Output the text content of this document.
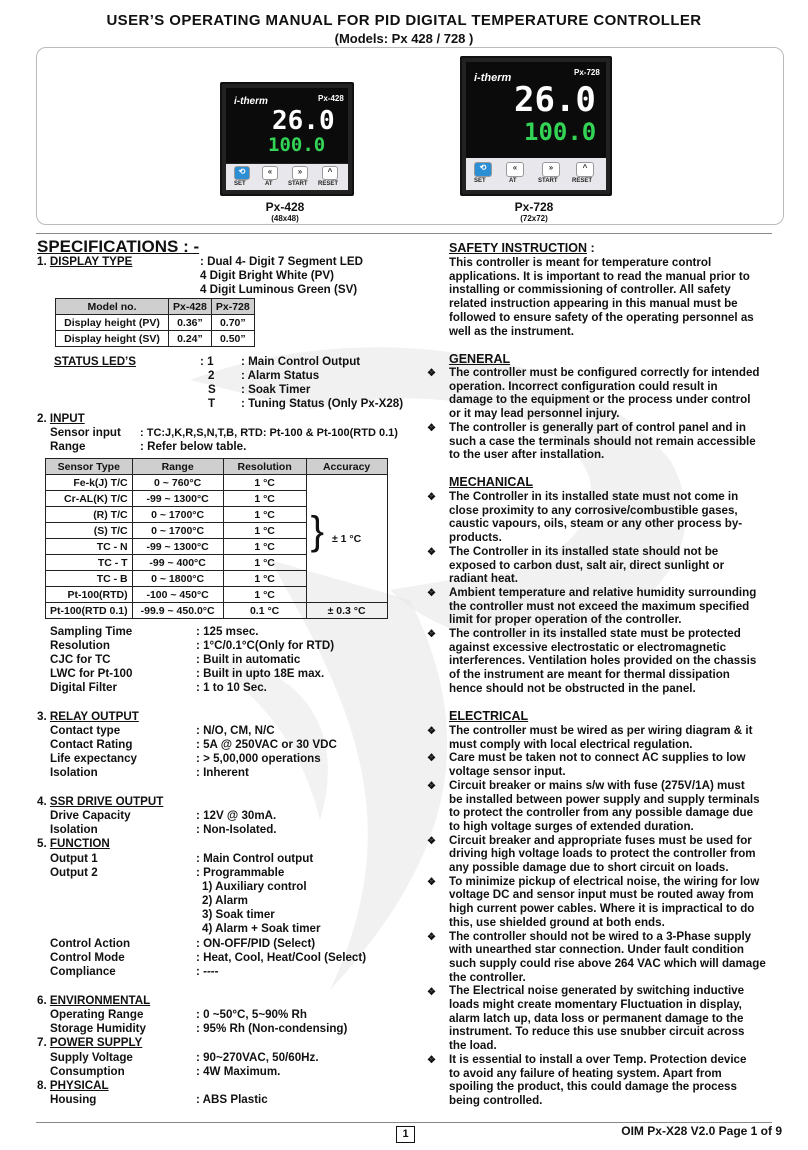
USER’S OPERATING MANUAL FOR PID DIGITAL TEMPERATURE CONTROLLER
(Models: Px 428 / 728 )
i-therm	Px-428
26.0
100.0
⟲	«	»	^
SET	AT	START RESET
Px-428
(48x48)
i-therm	Px-728
26.0
100.0
⟲	«	»	^
SET	AT	START RESET
Px-728
(72x72)
SPECIFICATIONS : -
1. DISPLAY TYPE	: Dual 4- Digit 7 Segment LED
4 Digit Bright White (PV)
4 Digit Luminous Green (SV)
Model no.	Px-428	Px-728
Display height (PV)	0.36”	0.70”
Display height (SV)	0.24”	0.50”
STATUS LED’S	: 1 : Main Control Output
2 : Alarm Status
S : Soak Timer
T : Tuning Status (Only Px-X28)
2. INPUT
Sensor input : TC:J,K,R,S,N,T,B, RTD: Pt-100 & Pt-100(RTD 0.1)
Range	: Refer below table.
Sensor Type	Range	Resolution	Accuracy
Fe-k(J) T/C	0 ~ 760°C	1 °C	} ± 1 °C
Cr-AL(K) T/C	-99 ~ 1300°C	1 °C	
(R) T/C	0 ~ 1700°C	1 °C	
(S) T/C	0 ~ 1700°C	1 °C	
TC - N	-99 ~ 1300°C	1 °C	
TC - T	-99 ~ 400°C	1 °C	
TC - B	0 ~ 1800°C	1 °C	
Pt-100(RTD)	-100 ~ 450°C	1 °C	
Pt-100(RTD 0.1)	-99.9 ~ 450.0°C	0.1 °C	± 0.3 °C
Sampling Time	: 125 msec.
Resolution	: 1°C/0.1°C(Only for RTD)
CJC for TC	: Built in automatic
LWC for Pt-100	: Built in upto 18E max.
Digital Filter	: 1 to 10 Sec.
3. RELAY OUTPUT
Contact type	: N/O, CM, N/C
Contact Rating	: 5A @ 250VAC or 30 VDC
Life expectancy	: > 5,00,000 operations
Isolation	: Inherent
4. SSR DRIVE OUTPUT
Drive Capacity	: 12V @ 30mA.
Isolation	: Non-Isolated.
5. FUNCTION
Output 1	: Main Control output
Output 2	: Programmable
1) Auxiliary control
2) Alarm
3) Soak timer
4) Alarm + Soak timer
Control Action	: ON-OFF/PID (Select)
Control Mode	: Heat, Cool, Heat/Cool (Select)
Compliance	: ----
6. ENVIRONMENTAL
Operating Range	: 0 ~50°C, 5~90% Rh
Storage Humidity	: 95% Rh (Non-condensing)
7. POWER SUPPLY
Supply Voltage	: 90~270VAC, 50/60Hz.
Consumption	: 4W Maximum.
8. PHYSICAL
Housing	: ABS Plastic
SAFETY INSTRUCTION :
This controller is meant for temperature control
applications. It is important to read the manual prior to
installing or commissioning of controller. All safety
related instruction appearing in this manual must be
followed to ensure safety of the operating personnel as
well as the instrument.
GENERAL
The controller must be configured correctly for intended
operation. Incorrect configuration could result in
damage to the equipment or the process under control
or it may lead personnel injury.
The controller is generally part of control panel and in
such a case the terminals should not remain accessible
to the user after installation.
❖
❖
MECHANICAL
The Controller in its installed state must not come in
close proximity to any corrosive/combustible gases,
caustic vapours, oils, steam or any other process by-
products.
The Controller in its installed state should not be
exposed to carbon dust, salt air, direct sunlight or
radiant heat.
Ambient temperature and relative humidity surrounding
the controller must not exceed the maximum specified
limit for proper operation of the controller.
The controller in its installed state must be protected
against excessive electrostatic or electromagnetic
interferences. Ventilation holes provided on the chassis
of the instrument are meant for thermal dissipation
hence should not be obstructed in the panel.
❖
❖
❖
❖
ELECTRICAL
The controller must be wired as per wiring diagram & it
must comply with local electrical regulation.
Care must be taken not to connect AC supplies to low
voltage sensor input.
Circuit breaker or mains s/w with fuse (275V/1A) must
be installed between power supply and supply terminals
to protect the controller from any possible damage due
to high voltage surges of extended duration.
Circuit breaker and appropriate fuses must be used for
driving high voltage loads to protect the controller from
any possible damage due to short circuit on loads.
To minimize pickup of electrical noise, the wiring for low
voltage DC and sensor input must be routed away from
high current power cables. Where it is impractical to do
this, use shielded ground at both ends.
The controller should not be wired to a 3-Phase supply
with unearthed star connection. Under fault condition
such supply could rise above 264 VAC which will damage
the controller.
The Electrical noise generated by switching inductive
loads might create momentary Fluctuation in display,
alarm latch up, data loss or permanent damage to the
instrument. To reduce this use snubber circuit across
the load.
It is essential to install a over Temp. Protection device
to avoid any failure of heating system. Apart from
spoiling the product, this could damage the process
being controlled.
❖
❖
❖
❖
❖
❖
❖
❖
1	OIM Px-X28 V2.0 Page 1 of 9
